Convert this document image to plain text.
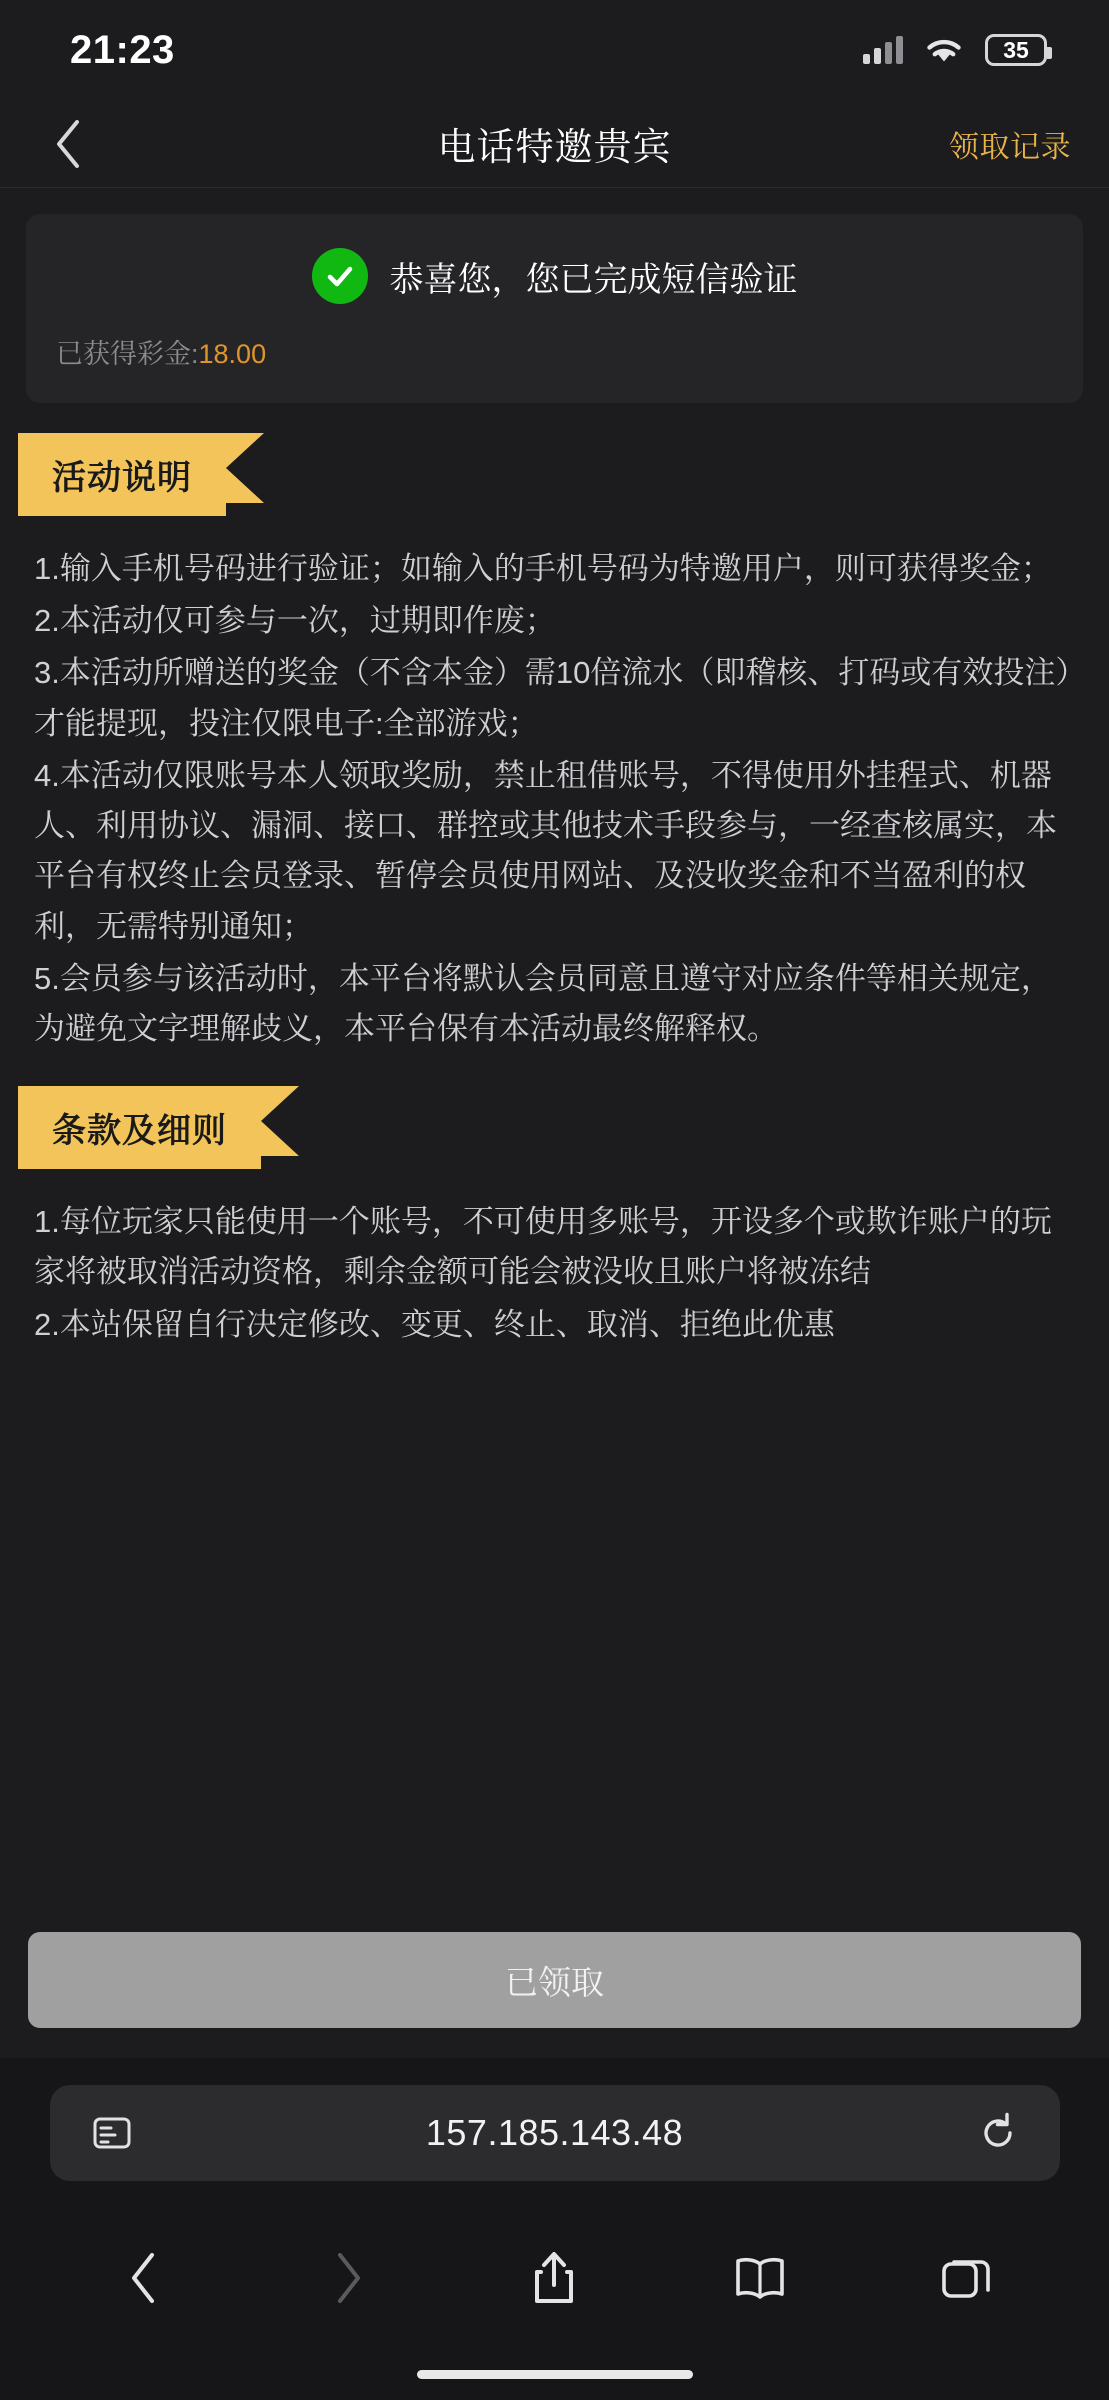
21:23	35
电话特邀贵宾	领取记录
恭喜您，您已完成短信验证
已获得彩金:18.00
活动说明

1.输入手机号码进行验证；如输入的手机号码为特邀用户，则可获得奖金；

2.本活动仅可参与一次，过期即作废；

3.本活动所赠送的奖金（不含本金）需10倍流水（即稽核、打码或有效投注）才能提现，投注仅限电子:全部游戏；

4.本活动仅限账号本人领取奖励，禁止租借账号，不得使用外挂程式、机器人、利用协议、漏洞、接口、群控或其他技术手段参与，一经查核属实，本平台有权终止会员登录、暂停会员使用网站、及没收奖金和不当盈利的权利，无需特别通知；

5.会员参与该活动时，本平台将默认会员同意且遵守对应条件等相关规定，为避免文字理解歧义，本平台保有本活动最终解释权。

条款及细则

1.每位玩家只能使用一个账号，不可使用多账号，开设多个或欺诈账户的玩家将被取消活动资格，剩余金额可能会被没收且账户将被冻结

2.本站保留自行决定修改、变更、终止、取消、拒绝此优惠

已领取
157.185.143.48
